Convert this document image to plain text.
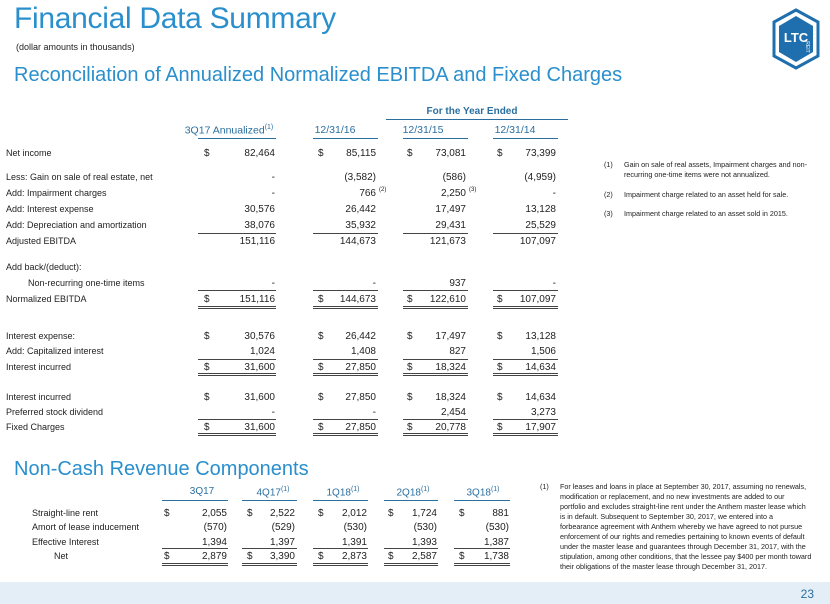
Financial Data Summary
(dollar amounts in thousands)
LTC
REIT
Reconciliation of Annualized Normalized EBITDA and Fixed Charges
For the Year Ended
3Q17 Annualized$^{(1)}$	12/31/16	12/31/15	12/31/14
Net income	$	82,464	$	85,115	$	73,081	$	73,399
Less: Gain on sale of real estate, net	-	(3,582)	(586)	(4,959)
Add: Impairment charges	-	766 (2)	2,250 (3)	-
Add: Interest expense	30,576	26,442	17,497	13,128
Add: Depreciation and amortization	38,076	35,932	29,431	25,529
Adjusted EBITDA	151,116	144,673	121,673	107,097
Add back/(deduct):
Non-recurring one-time items	-	-	937	-
Normalized EBITDA	$	151,116	$	144,673	$	122,610	$	107,097
Interest expense:	$	30,576	$	26,442	$	17,497	$	13,128
Add: Capitalized interest	1,024	1,408	827	1,506
Interest incurred	$	31,600	$	27,850	$	18,324	$	14,634
Interest incurred	$	31,600	$	27,850	$	18,324	$	14,634
Preferred stock dividend	-	-	2,454	3,273
Fixed Charges	$	31,600	$	27,850	$	20,778	$	17,907
(1) Gain on sale of real assets, Impairment charges and non-recurring one-time items were not annualized.
(2) Impairment charge related to an asset held for sale.
(3) Impairment charge related to an asset sold in 2015.
Non-Cash Revenue Components
3Q17	4Q17$^{(1)}$	1Q18$^{(1)}$	2Q18$^{(1)}$	3Q18$^{(1)}$
Straight-line rent	$	2,055 $	2,522 $	2,012 $	1,724 $	881
Amort of lease inducement	(570)	(529)	(530)	(530)	(530)
Effective Interest	1,394	1,397	1,391	1,393	1,387
Net	$	2,879 $	3,390 $	2,873 $	2,587 $	1,738
(1) For leases and loans in place at September 30, 2017, assuming no renewals, modification or replacement, and no new investments are added to our portfolio and excludes straight-line rent under the Anthem master lease which is in default. Subsequent to September 30, 2017, we entered into a forbearance agreement with Anthem whereby we have agreed to not pursue enforcement of our rights and remedies pertaining to known events of default under the master lease and guarantees through December 31, 2017, with the stipulation, among other conditions, that the lessee pay $400 per month toward their obligations of the master lease through December 31, 2017.
23
